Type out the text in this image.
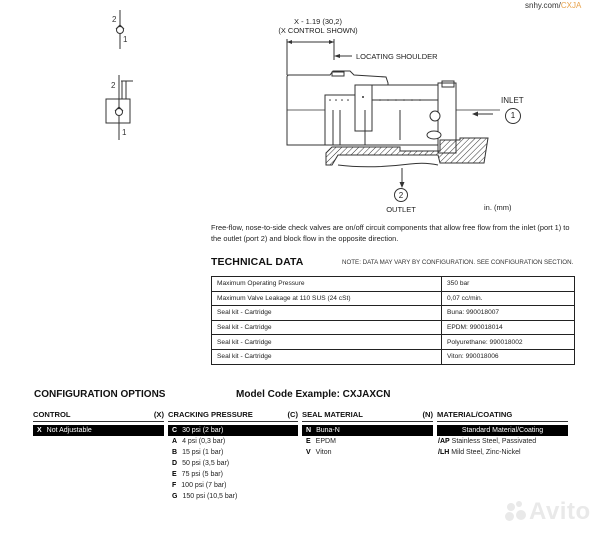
snhy.com/CXJA
2
1
2
1
X - 1.19 (30,2)
(X CONTROL SHOWN)
LOCATING SHOULDER
2
OUTLET
INLET
1
in. (mm)
Free-flow, nose-to-side check valves are on/off circuit components that allow free flow from the inlet (port 1) to the outlet (port 2) and block flow in the opposite direction.
TECHNICAL DATA	NOTE: DATA MAY VARY BY CONFIGURATION. SEE CONFIGURATION SECTION.
Maximum Operating Pressure	350 bar
Maximum Valve Leakage at 110 SUS (24 cSt)	0,07 cc/min.
Seal kit - Cartridge	Buna: 990018007
Seal kit - Cartridge	EPDM: 990018014
Seal kit - Cartridge	Polyurethane: 990018002
Seal kit - Cartridge	Viton: 990018006
CONFIGURATION OPTIONS	Model Code Example: CXJAXCN
CONTROL	(X)
X Not Adjustable
CRACKING PRESSURE	(C)
C 30 psi (2 bar)
A 4 psi (0,3 bar)
B 15 psi (1 bar)
D 50 psi (3,5 bar)
E 75 psi (5 bar)
F 100 psi (7 bar)
G 150 psi (10,5 bar)
SEAL MATERIAL	(N)
N Buna-N
E EPDM
V Viton
MATERIAL/COATING
Standard Material/Coating
/AP Stainless Steel, Passivated
/LH Mild Steel, Zinc-Nickel
Avito
